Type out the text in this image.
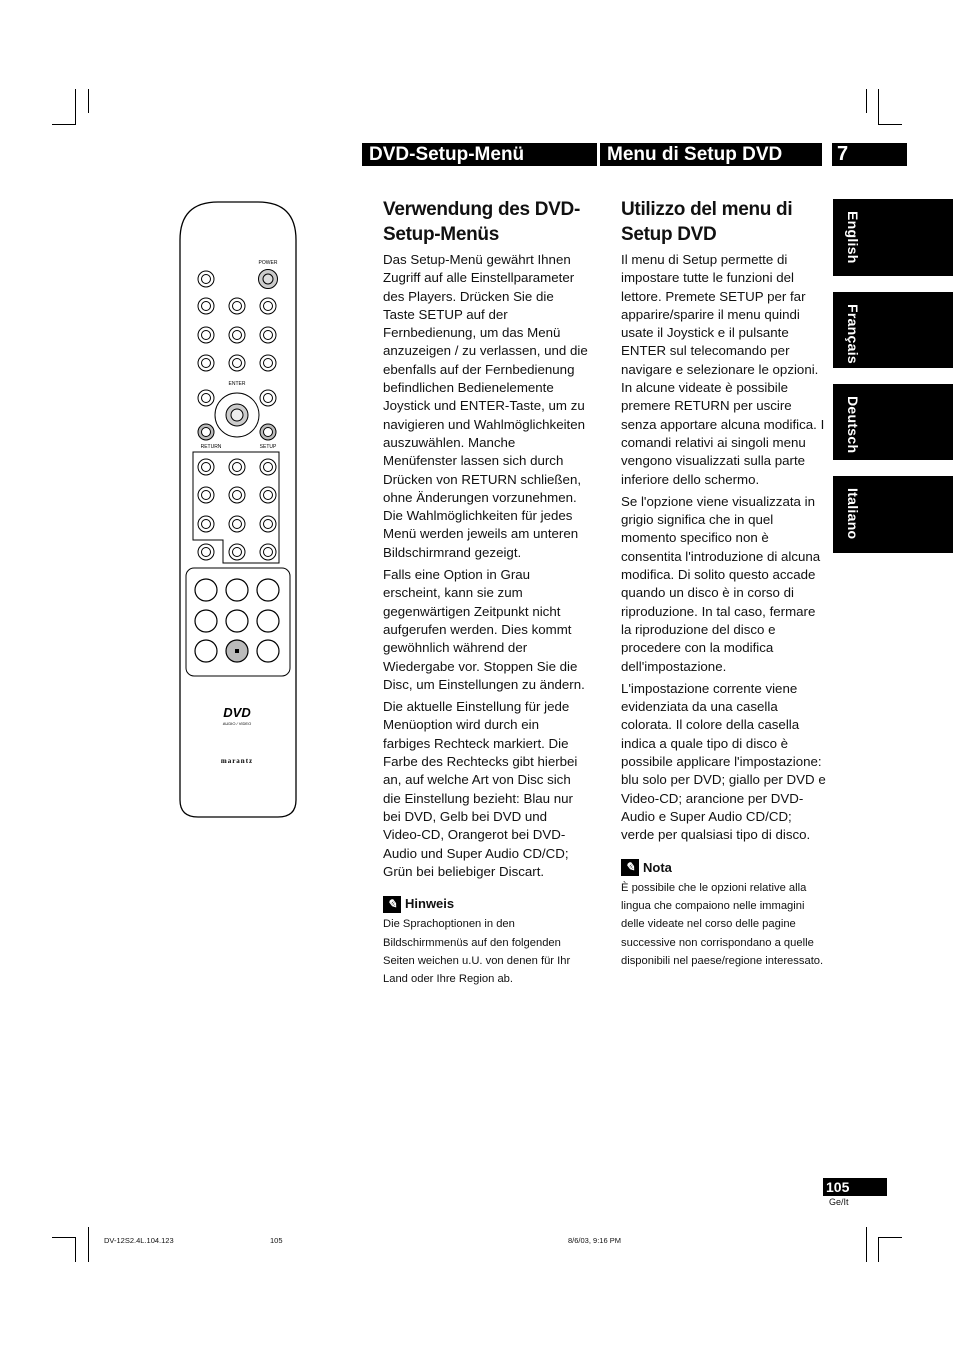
DVD-Setup-Menü	Menu di Setup DVD	7
English
Français
Deutsch
Italiano
POWER
ENTER
RETURN	SETUP
DVD
AUDIO / VIDEO
marantz
Verwendung des DVD-Setup-Menüs

Das Setup-Menü gewährt Ihnen Zugriff auf alle Einstellparameter des Players. Drücken Sie die Taste SETUP auf der Fernbedienung, um das Menü anzuzeigen / zu verlassen, und die ebenfalls auf der Fernbedienung befindlichen Bedienelemente Joystick und ENTER-Taste, um zu navigieren und Wahlmöglichkeiten auszuwählen. Manche Menüfenster lassen sich durch Drücken von RETURN schließen, ohne Änderungen vorzunehmen. Die Wahlmöglichkeiten für jedes Menü werden jeweils am unteren Bildschirmrand gezeigt.

Falls eine Option in Grau erscheint, kann sie zum gegenwärtigen Zeitpunkt nicht aufgerufen werden. Dies kommt gewöhnlich während der Wiedergabe vor. Stoppen Sie die Disc, um Einstellungen zu ändern.

Die aktuelle Einstellung für jede Menüoption wird durch ein farbiges Rechteck markiert. Die Farbe des Rechtecks gibt hierbei an, auf welche Art von Disc sich die Einstellung bezieht: Blau nur bei DVD, Gelb bei DVD und Video-CD, Orangerot bei DVD-Audio und Super Audio CD/CD; Grün bei beliebiger Discart.

✎ Hinweis
Die Sprachoptionen in den Bildschirmmenüs auf den folgenden Seiten weichen u.U. von denen für Ihr Land oder Ihre Region ab.
Utilizzo del menu di Setup DVD

Il menu di Setup permette di impostare tutte le funzioni del lettore. Premete SETUP per far apparire/sparire il menu quindi usate il Joystick e il pulsante ENTER sul telecomando per navigare e selezionare le opzioni. In alcune videate è possibile premere RETURN per uscire senza apportare alcuna modifica. I comandi relativi ai singoli menu vengono visualizzati sulla parte inferiore dello schermo.

Se l'opzione viene visualizzata in grigio significa che in quel momento specifico non è consentita l'introduzione di alcuna modifica. Di solito questo accade quando un disco è in corso di riproduzione. In tal caso, fermare la riproduzione del disco e procedere con la modifica dell'impostazione.

L'impostazione corrente viene evidenziata da una casella colorata. Il colore della casella indica a quale tipo di disco è possibile applicare l'impostazione: blu solo per DVD; giallo per DVD e Video-CD; arancione per DVD-Audio e Super Audio CD/CD; verde per qualsiasi tipo di disco.

✎ Nota
È possibile che le opzioni relative alla lingua che compaiono nelle immagini delle videate nel corso delle pagine successive non corrispondano a quelle disponibili nel paese/regione interessato.
105
Ge/It
DV-12S2.4L.104.123	105	8/6/03, 9:16 PM
